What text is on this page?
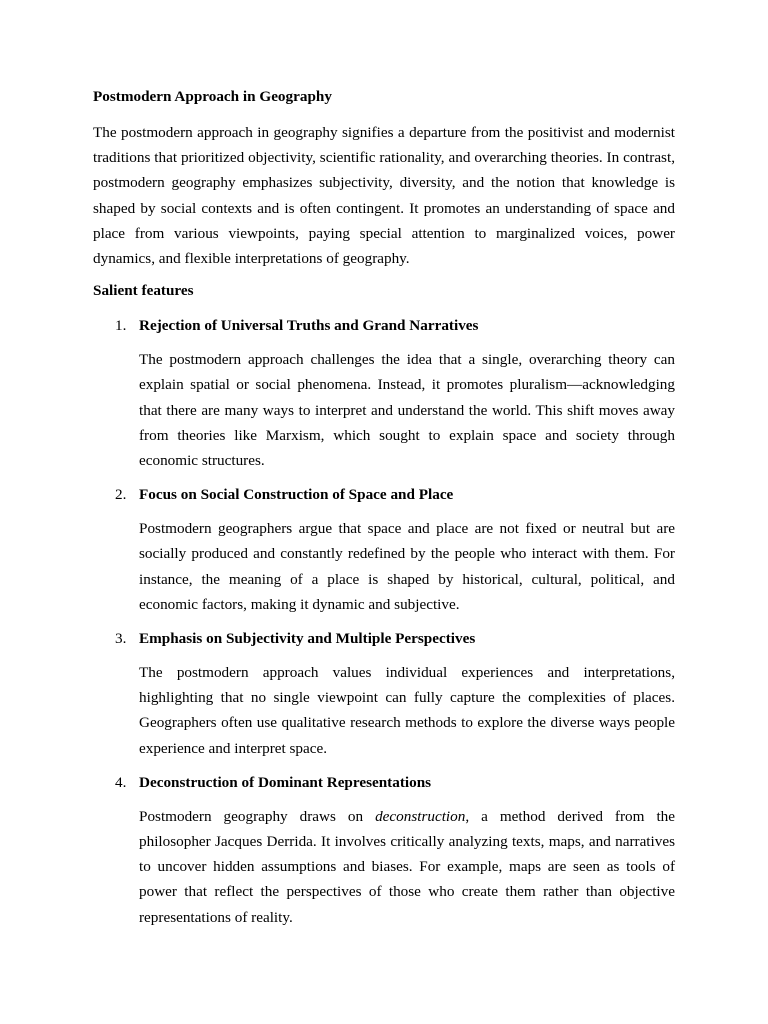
Postmodern Approach in Geography

The postmodern approach in geography signifies a departure from the positivist and modernist traditions that prioritized objectivity, scientific rationality, and overarching theories. In contrast, postmodern geography emphasizes subjectivity, diversity, and the notion that knowledge is shaped by social contexts and is often contingent. It promotes an understanding of space and place from various viewpoints, paying special attention to marginalized voices, power dynamics, and flexible interpretations of geography.

Salient features

1. Rejection of Universal Truths and Grand Narratives

The postmodern approach challenges the idea that a single, overarching theory can explain spatial or social phenomena. Instead, it promotes pluralism—acknowledging that there are many ways to interpret and understand the world. This shift moves away from theories like Marxism, which sought to explain space and society through economic structures.

2. Focus on Social Construction of Space and Place

Postmodern geographers argue that space and place are not fixed or neutral but are socially produced and constantly redefined by the people who interact with them. For instance, the meaning of a place is shaped by historical, cultural, political, and economic factors, making it dynamic and subjective.

3. Emphasis on Subjectivity and Multiple Perspectives

The postmodern approach values individual experiences and interpretations, highlighting that no single viewpoint can fully capture the complexities of places. Geographers often use qualitative research methods to explore the diverse ways people experience and interpret space.

4. Deconstruction of Dominant Representations

Postmodern geography draws on deconstruction, a method derived from the philosopher Jacques Derrida. It involves critically analyzing texts, maps, and narratives to uncover hidden assumptions and biases. For example, maps are seen as tools of power that reflect the perspectives of those who create them rather than objective representations of reality.
